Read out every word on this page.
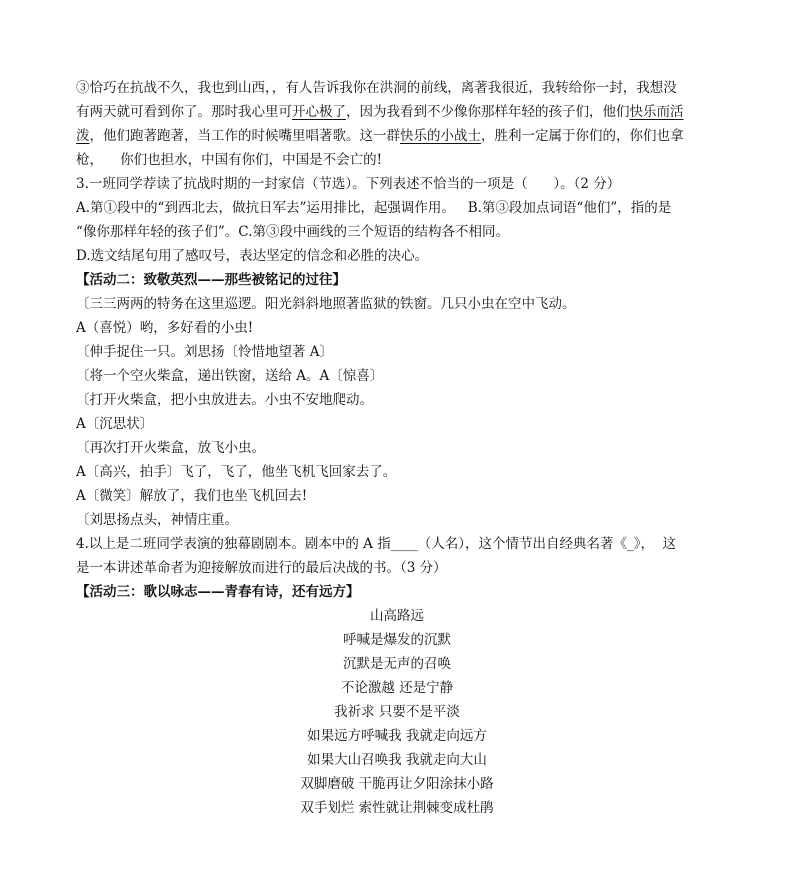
③恰巧在抗战不久，我也到山西，，有人告诉我你在洪洞的前线，离著我很近，我转给你一封，我想没
有两天就可看到你了。那时我心里可开心极了，因为我看到不少像你那样年轻的孩子们，他们快乐而活
泼，他们跑著跑著，当工作的时候嘴里唱著歌。这一群快乐的小战士，胜利一定属于你们的，你们也拿
枪，    你们也担水，中国有你们，中国是不会亡的!
3.一班同学荐读了抗战时期的一封家信（节选）。下列表述不恰当的一项是（      ）。（2 分）
A.第①段中的“到西北去，做抗日军去”运用排比，起强调作用。   B.第③段加点词语“他们”，指的是
“像你那样年轻的孩子们”。C.第③段中画线的三个短语的结构各不相同。
D.选文结尾句用了感叹号，表达坚定的信念和必胜的决心。
【活动二：致敬英烈——那些被铭记的过往】
〔三三两两的特务在这里巡逻。阳光斜斜地照著监狱的铁窗。几只小虫在空中飞动。
A（喜悦）哟，多好看的小虫!
〔伸手捉住一只。刘思扬〔怜惜地望著 A〕
〔将一个空火柴盒，递出铁窗，送给 A。A〔惊喜〕
〔打开火柴盒，把小虫放进去。小虫不安地爬动。
A〔沉思状〕
〔再次打开火柴盒，放飞小虫。
A〔高兴，拍手〕飞了，飞了，他坐飞机飞回家去了。
A〔微笑〕解放了，我们也坐飞机回去!
〔刘思扬点头，神情庄重。
4.以上是二班同学表演的独幕剧剧本。剧本中的 A 指____（人名），这个情节出自经典名著《_》，  这
是一本讲述革命者为迎接解放而进行的最后决战的书。（3 分）
【活动三：歌以咏志——青春有诗，还有远方】
山高路远
呼喊是爆发的沉默
沉默是无声的召唤
不论激越 还是宁静
我祈求 只要不是平淡
如果远方呼喊我 我就走向远方
如果大山召唤我 我就走向大山
双脚磨破 干脆再让夕阳涂抹小路
双手划烂 索性就让荆棘变成杜鹃
